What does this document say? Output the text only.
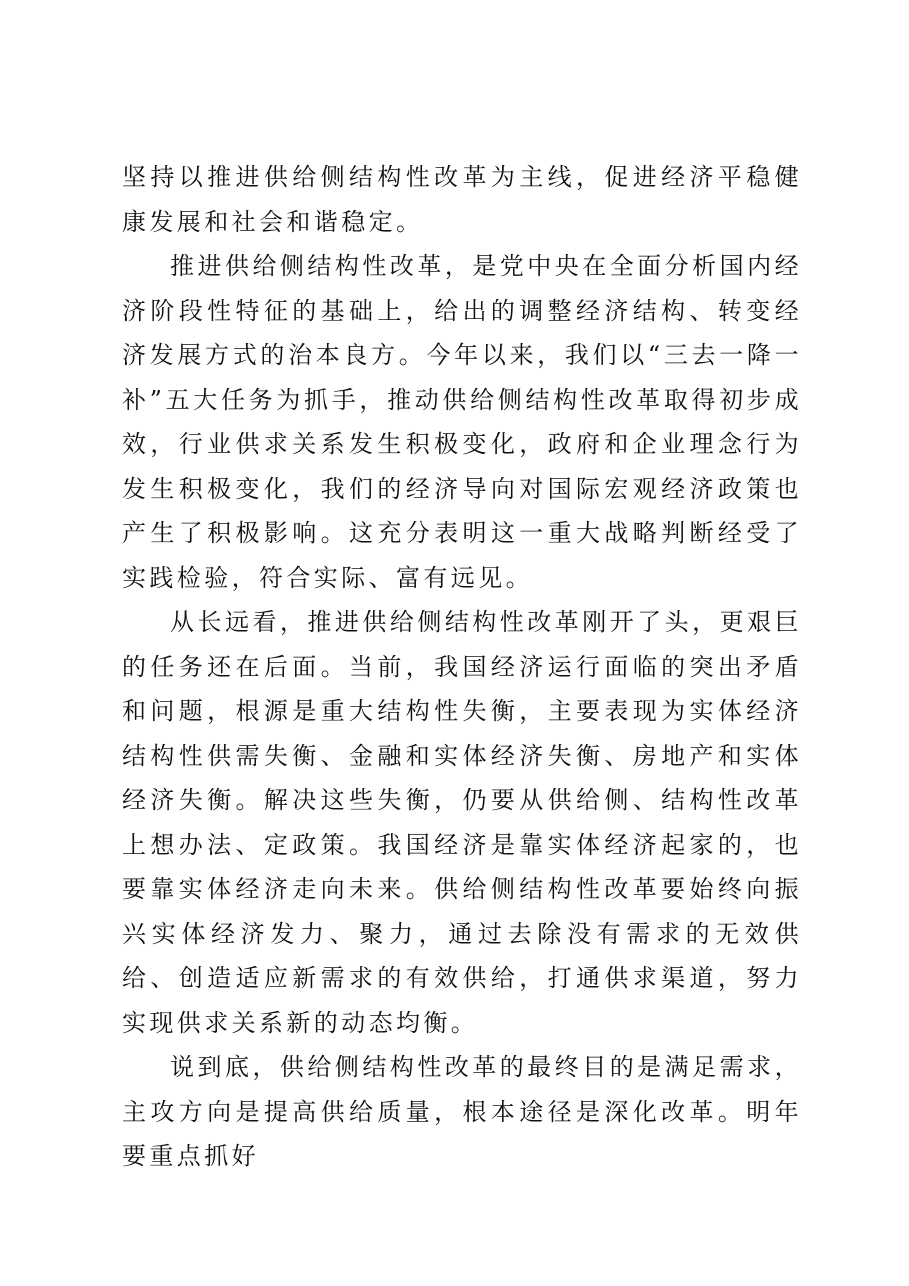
坚持以推进供给侧结构性改革为主线，促进经济平稳健康发展和社会和谐稳定。

推进供给侧结构性改革，是党中央在全面分析国内经济阶段性特征的基础上，给出的调整经济结构、转变经济发展方式的治本良方。今年以来，我们以“三去一降一补”五大任务为抓手，推动供给侧结构性改革取得初步成效，行业供求关系发生积极变化，政府和企业理念行为发生积极变化，我们的经济导向对国际宏观经济政策也产生了积极影响。这充分表明这一重大战略判断经受了实践检验，符合实际、富有远见。

从长远看，推进供给侧结构性改革刚开了头，更艰巨的任务还在后面。当前，我国经济运行面临的突出矛盾和问题，根源是重大结构性失衡，主要表现为实体经济结构性供需失衡、金融和实体经济失衡、房地产和实体经济失衡。解决这些失衡，仍要从供给侧、结构性改革上想办法、定政策。我国经济是靠实体经济起家的，也要靠实体经济走向未来。供给侧结构性改革要始终向振兴实体经济发力、聚力，通过去除没有需求的无效供给、创造适应新需求的有效供给，打通供求渠道，努力实现供求关系新的动态均衡。

说到底，供给侧结构性改革的最终目的是满足需求，主攻方向是提高供给质量，根本途径是深化改革。明年要重点抓好
